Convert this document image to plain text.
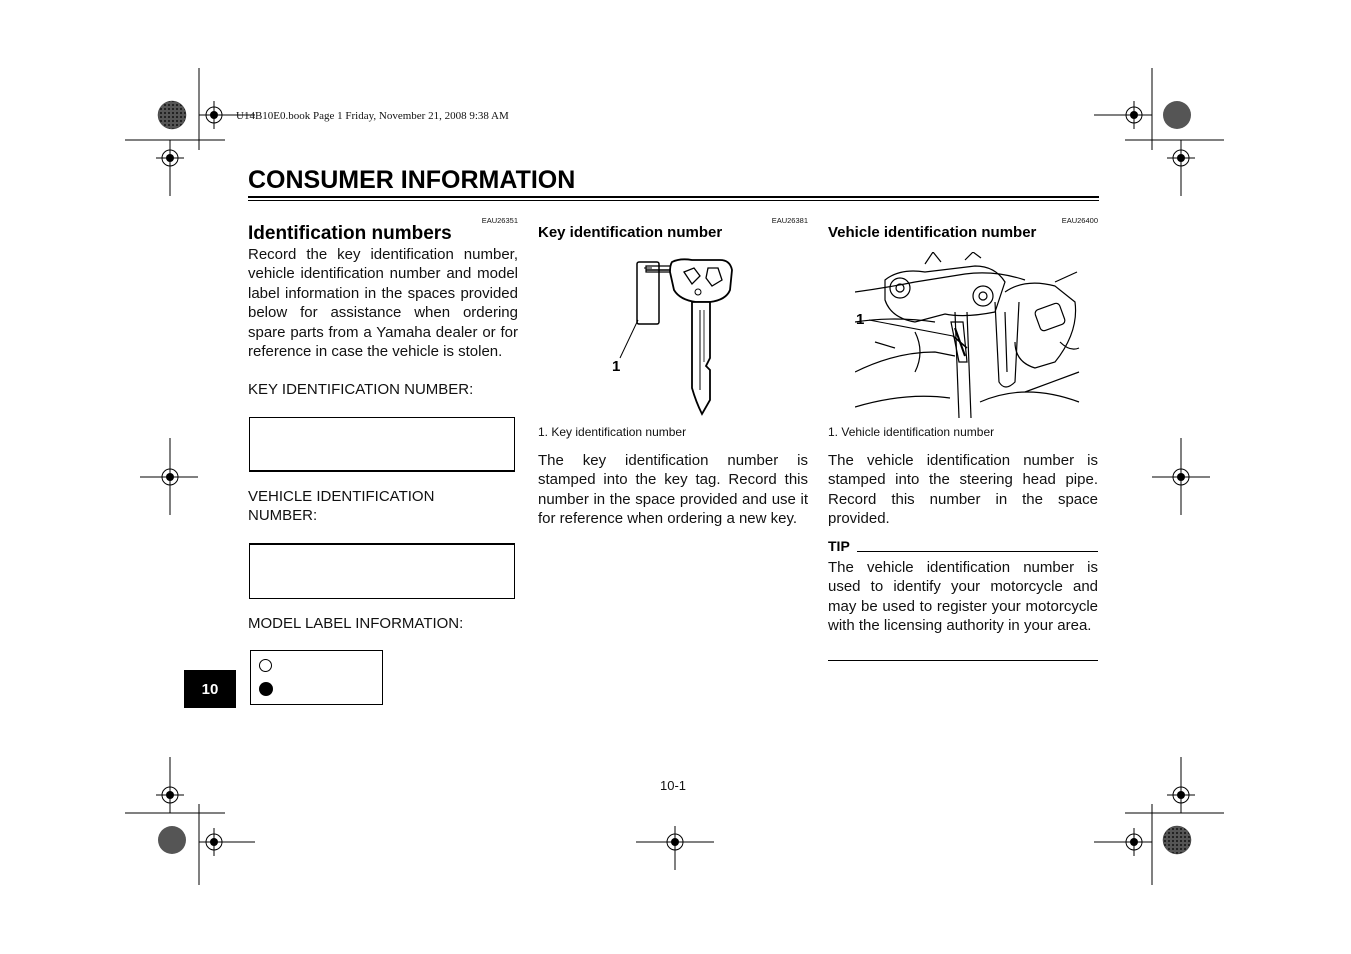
U14B10E0.book Page 1 Friday, November 21, 2008 9:38 AM
CONSUMER INFORMATION
EAU26351
Identification numbers
Record the key identification number, vehicle identification number and model label information in the spaces provided below for assistance when ordering spare parts from a Yamaha dealer or for reference in case the vehicle is stolen.
KEY IDENTIFICATION NUMBER:
VEHICLE IDENTIFICATION
NUMBER:
MODEL LABEL INFORMATION:
EAU26381
Key identification number
1
1. Key identification number
The key identification number is stamped into the key tag. Record this number in the space provided and use it for reference when ordering a new key.
EAU26400
Vehicle identification number
1
1. Vehicle identification number
The vehicle identification number is stamped into the steering head pipe. Record this number in the space provided.
TIP
The vehicle identification number is used to identify your motorcycle and may be used to register your motorcycle with the licensing authority in your area.
10
10-1
